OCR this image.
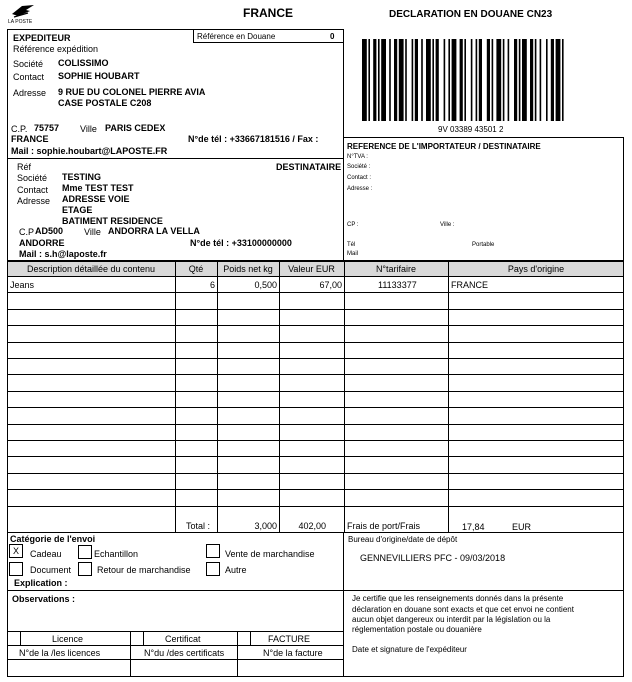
LA POSTE
FRANCE	DECLARATION EN DOUANE CN23
9V 03389 43501 2
Référence en Douane	0
EXPEDITEUR
Référence expédition
Société COLISSIMO
Contact SOPHIE HOUBART
Adresse 9 RUE DU COLONEL PIERRE AVIA
CASE POSTALE C208
C.P. 75757 Ville PARIS CEDEX
FRANCE	N°de tél : +33667181516 / Fax :
Mail : sophie.houbart@LAPOSTE.FR
DESTINATAIRE
Réf
Société TESTING
Contact Mme TEST TEST
Adresse ADRESSE VOIE
ETAGE
BATIMENT RESIDENCE
C.P AD500 Ville ANDORRA LA VELLA
ANDORRE	N°de tél : +33100000000
Mail : s.h@laposte.fr
REFERENCE DE L'IMPORTATEUR / DESTINATAIRE
N°TVA :
Société :
Contact :
Adresse :
CP :	Ville :
Tél	Portable
Mail
Description détaillée du contenu	Qté	Poids net kg	Valeur EUR	N°tarifaire	Pays d'origine
Jeans	6	0,500	67,00	11133377	FRANCE
Total :	3,000	402,00 Frais de port/Frais	17,84	EUR
Catégorie de l'envoi
X	Cadeau	Echantillon	Vente de marchandise
Document	Retour de marchandise	Autre
Explication :
Bureau d'origine/date de dépôt
GENNEVILLIERS PFC - 09/03/2018
Observations :	Je certifie que les renseignements donnés dans la présente
déclaration en douane sont exacts et que cet envoi ne contient
aucun objet dangereux ou interdit par la législation ou la
réglementation postale ou douanière
Date et signature de l'expéditeur
Licence	Certificat	FACTURE
N°de la /les licences	N°du /des certificats	N°de la facture
